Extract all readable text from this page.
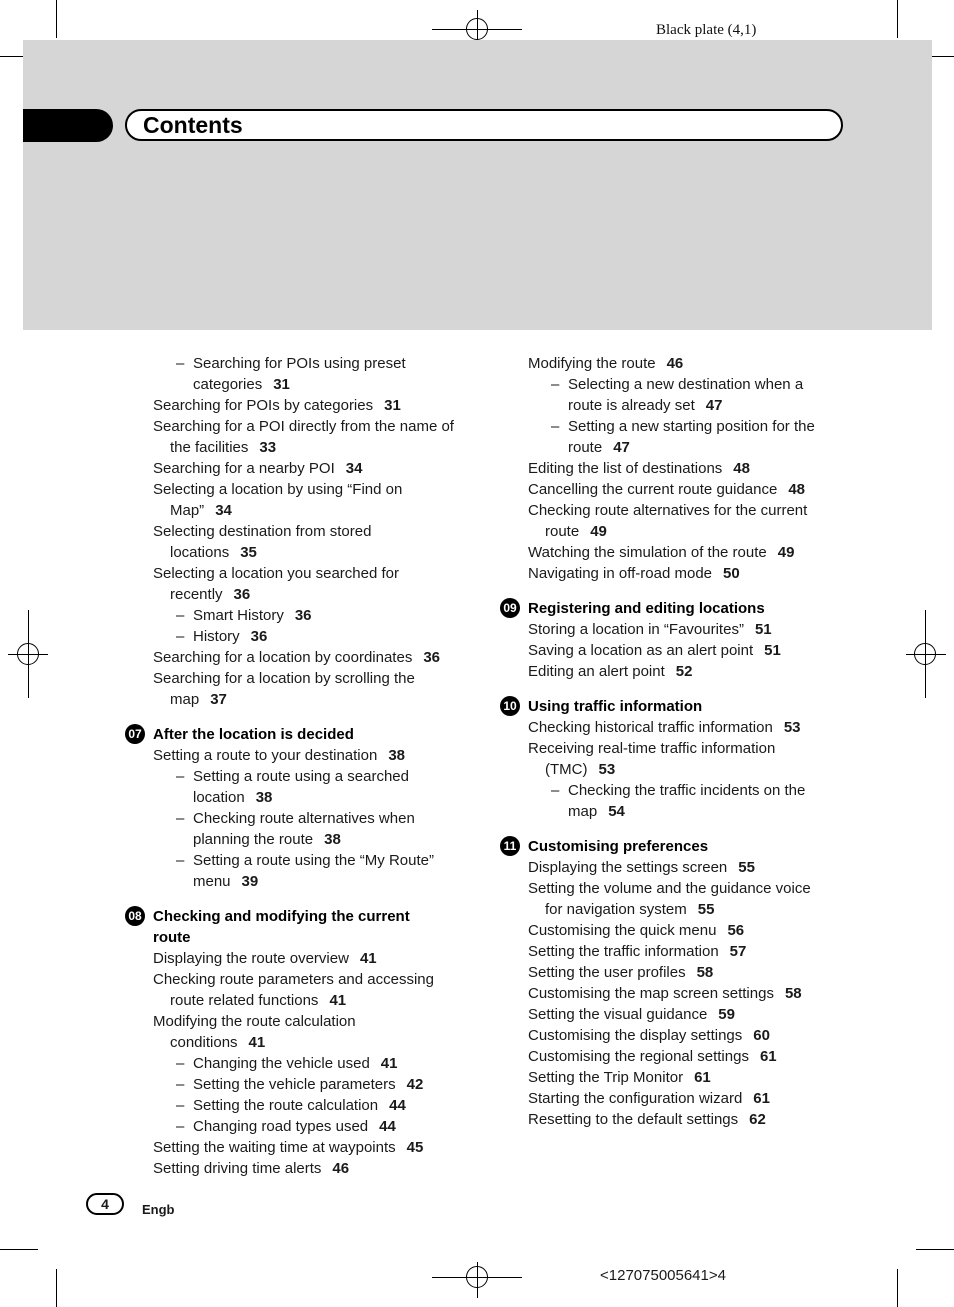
Black plate (4,1)
Contents
– Searching for POIs using preset
categories 31
Searching for POIs by categories 31
Searching for a POI directly from the name of
the facilities 33
Searching for a nearby POI 34
Selecting a location by using “Find on
Map” 34
Selecting destination from stored
locations 35
Selecting a location you searched for
recently 36
– Smart History 36
– History 36
Searching for a location by coordinates 36
Searching for a location by scrolling the
map 37
07 After the location is decided
Setting a route to your destination 38
– Setting a route using a searched
location 38
– Checking route alternatives when
planning the route 38
– Setting a route using the “My Route”
menu 39
08 Checking and modifying the current
route
Displaying the route overview 41
Checking route parameters and accessing
route related functions 41
Modifying the route calculation
conditions 41
– Changing the vehicle used 41
– Setting the vehicle parameters 42
– Setting the route calculation 44
– Changing road types used 44
Setting the waiting time at waypoints 45
Setting driving time alerts 46
Modifying the route 46
– Selecting a new destination when a
route is already set 47
– Setting a new starting position for the
route 47
Editing the list of destinations 48
Cancelling the current route guidance 48
Checking route alternatives for the current
route 49
Watching the simulation of the route 49
Navigating in off-road mode 50
09 Registering and editing locations
Storing a location in “Favourites” 51
Saving a location as an alert point 51
Editing an alert point 52
10 Using traffic information
Checking historical traffic information 53
Receiving real-time traffic information
(TMC) 53
– Checking the traffic incidents on the
map 54
11 Customising preferences
Displaying the settings screen 55
Setting the volume and the guidance voice
for navigation system 55
Customising the quick menu 56
Setting the traffic information 57
Setting the user profiles 58
Customising the map screen settings 58
Setting the visual guidance 59
Customising the display settings 60
Customising the regional settings 61
Setting the Trip Monitor 61
Starting the configuration wizard 61
Resetting to the default settings 62
4	Engb
<127075005641>4
